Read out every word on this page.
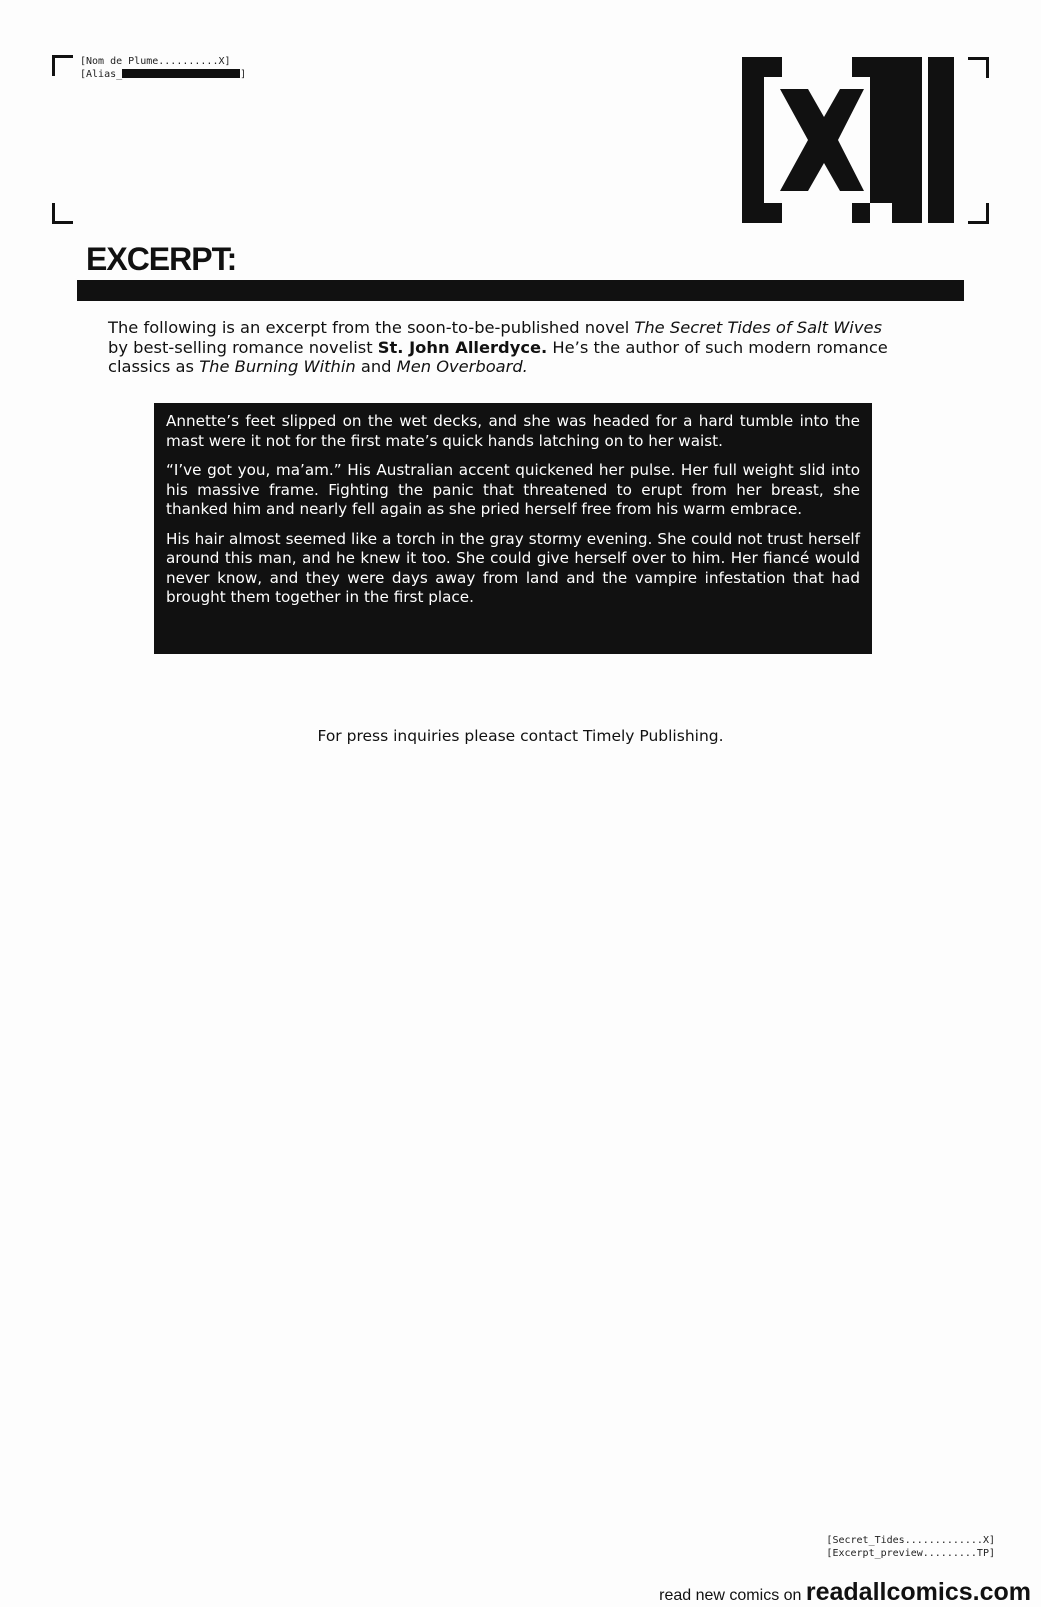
[Nom de Plume..........X]
[Alias_	]
EXCERPT:
The following is an excerpt from the soon-to-be-published novel The Secret Tides of Salt Wives by best-selling romance novelist St. John Allerdyce. He’s the author of such modern romance classics as The Burning Within and Men Overboard.

Annette’s feet slipped on the wet decks, and she was headed for a hard tumble into the mast were it not for the first mate’s quick hands latching on to her waist.

“I’ve got you, ma’am.” His Australian accent quickened her pulse. Her full weight slid into his massive frame. Fighting the panic that threatened to erupt from her breast, she thanked him and nearly fell again as she pried herself free from his warm embrace.

His hair almost seemed like a torch in the gray stormy evening. She could not trust herself around this man, and he knew it too. She could give herself over to him. Her fiancé would never know, and they were days away from land and the vampire infestation that had brought them together in the first place.

For press inquiries please contact Timely Publishing.
[Secret_Tides.............X]
[Excerpt_preview.........TP]
read new comics on readallcomics.com
